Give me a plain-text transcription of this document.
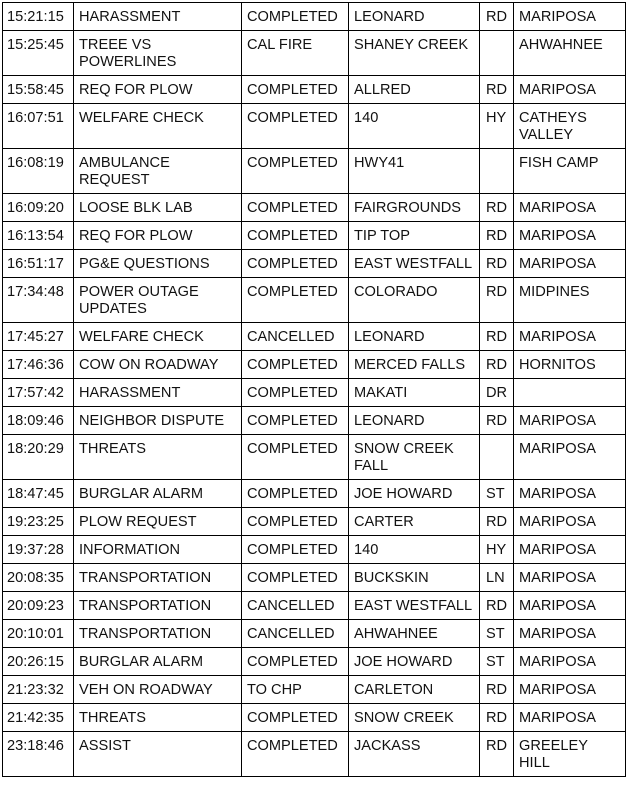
15:21:15	HARASSMENT	COMPLETED	LEONARD	RD	MARIPOSA
15:25:45	TREEE VS POWERLINES	CAL FIRE	SHANEY CREEK		AHWAHNEE
15:58:45	REQ FOR PLOW	COMPLETED	ALLRED	RD	MARIPOSA
16:07:51	WELFARE CHECK	COMPLETED	140	HY	CATHEYS VALLEY
16:08:19	AMBULANCE REQUEST	COMPLETED	HWY41		FISH CAMP
16:09:20	LOOSE BLK LAB	COMPLETED	FAIRGROUNDS	RD	MARIPOSA
16:13:54	REQ FOR PLOW	COMPLETED	TIP TOP	RD	MARIPOSA
16:51:17	PG&E QUESTIONS	COMPLETED	EAST WESTFALL	RD	MARIPOSA
17:34:48	POWER OUTAGE UPDATES	COMPLETED	COLORADO	RD	MIDPINES
17:45:27	WELFARE CHECK	CANCELLED	LEONARD	RD	MARIPOSA
17:46:36	COW ON ROADWAY	COMPLETED	MERCED FALLS	RD	HORNITOS
17:57:42	HARASSMENT	COMPLETED	MAKATI	DR	
18:09:46	NEIGHBOR DISPUTE	COMPLETED	LEONARD	RD	MARIPOSA
18:20:29	THREATS	COMPLETED	SNOW CREEK FALL		MARIPOSA
18:47:45	BURGLAR ALARM	COMPLETED	JOE HOWARD	ST	MARIPOSA
19:23:25	PLOW REQUEST	COMPLETED	CARTER	RD	MARIPOSA
19:37:28	INFORMATION	COMPLETED	140	HY	MARIPOSA
20:08:35	TRANSPORTATION	COMPLETED	BUCKSKIN	LN	MARIPOSA
20:09:23	TRANSPORTATION	CANCELLED	EAST WESTFALL	RD	MARIPOSA
20:10:01	TRANSPORTATION	CANCELLED	AHWAHNEE	ST	MARIPOSA
20:26:15	BURGLAR ALARM	COMPLETED	JOE HOWARD	ST	MARIPOSA
21:23:32	VEH ON ROADWAY	TO CHP	CARLETON	RD	MARIPOSA
21:42:35	THREATS	COMPLETED	SNOW CREEK	RD	MARIPOSA
23:18:46	ASSIST	COMPLETED	JACKASS	RD	GREELEY HILL
